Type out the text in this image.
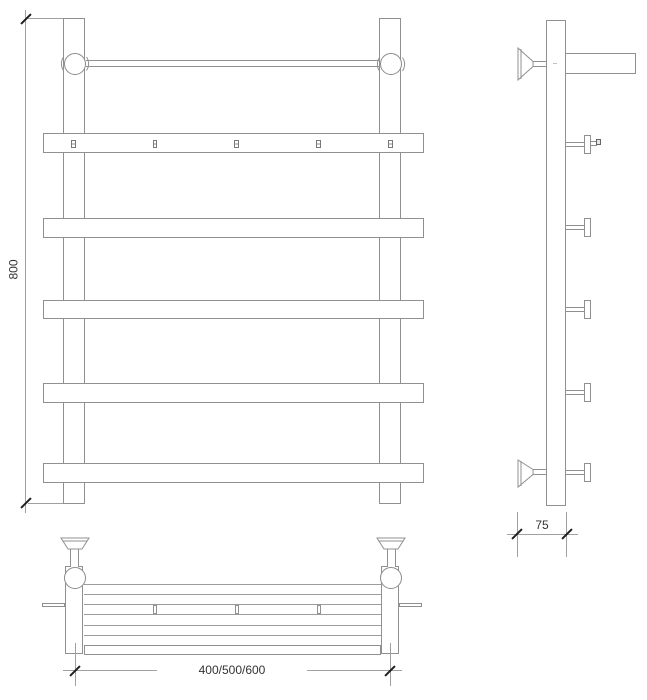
800
75
400/500/600
